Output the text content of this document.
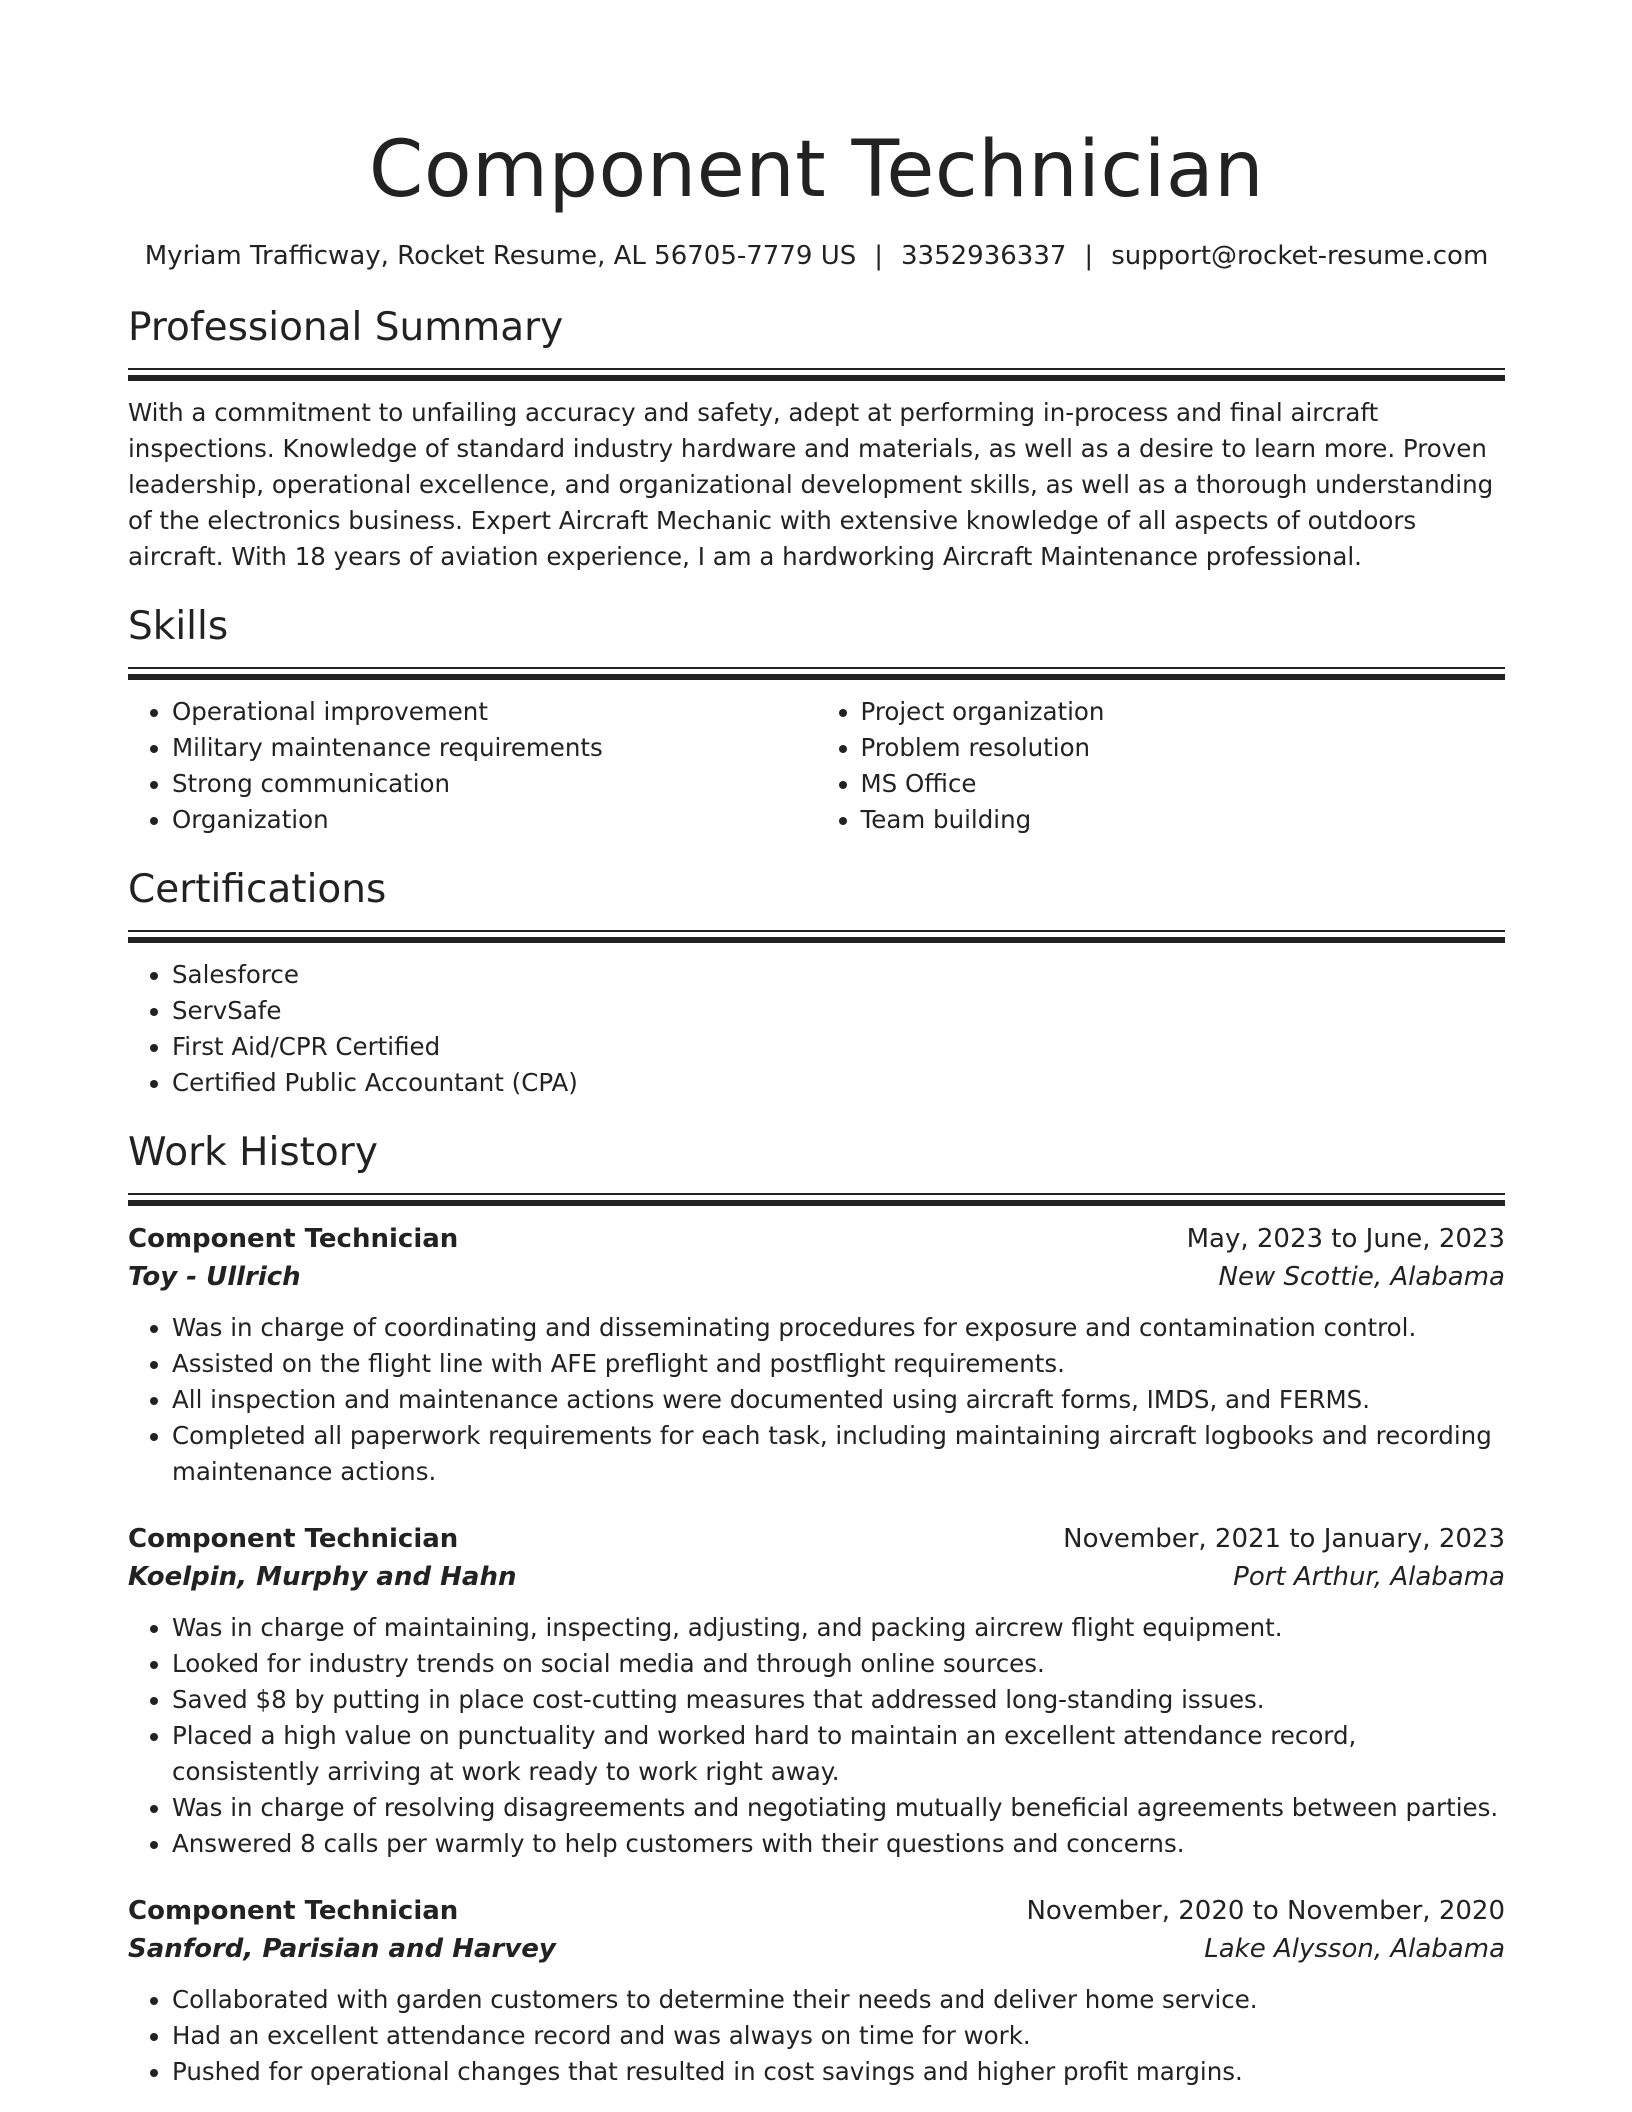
Component Technician
Myriam Trafficway, Rocket Resume, AL 56705-7779 US | 3352936337 | support@rocket-resume.com
Professional Summary

With a commitment to unfailing accuracy and safety, adept at performing in-process and final aircraft inspections. Knowledge of standard industry hardware and materials, as well as a desire to learn more. Proven leadership, operational excellence, and organizational development skills, as well as a thorough understanding of the electronics business. Expert Aircraft Mechanic with extensive knowledge of all aspects of outdoors aircraft. With 18 years of aviation experience, I am a hardworking Aircraft Maintenance professional.

Skills
• Operational improvement
• Military maintenance requirements
• Strong communication
• Organization
• Project organization
• Problem resolution
• MS Office
• Team building
Certifications
• Salesforce
• ServSafe
• First Aid/CPR Certified
• Certified Public Accountant (CPA)
Work History
Component Technician	May, 2023 to June, 2023
Toy - Ullrich	New Scottie, Alabama
• Was in charge of coordinating and disseminating procedures for exposure and contamination control.
• Assisted on the flight line with AFE preflight and postflight requirements.
• All inspection and maintenance actions were documented using aircraft forms, IMDS, and FERMS.
• Completed all paperwork requirements for each task, including maintaining aircraft logbooks and recording maintenance actions.
Component Technician	November, 2021 to January, 2023
Koelpin, Murphy and Hahn	Port Arthur, Alabama
• Was in charge of maintaining, inspecting, adjusting, and packing aircrew flight equipment.
• Looked for industry trends on social media and through online sources.
• Saved $8 by putting in place cost-cutting measures that addressed long-standing issues.
• Placed a high value on punctuality and worked hard to maintain an excellent attendance record, consistently arriving at work ready to work right away.
• Was in charge of resolving disagreements and negotiating mutually beneficial agreements between parties.
• Answered 8 calls per warmly to help customers with their questions and concerns.
Component Technician	November, 2020 to November, 2020
Sanford, Parisian and Harvey	Lake Alysson, Alabama
• Collaborated with garden customers to determine their needs and deliver home service.
• Had an excellent attendance record and was always on time for work.
• Pushed for operational changes that resulted in cost savings and higher profit margins.
